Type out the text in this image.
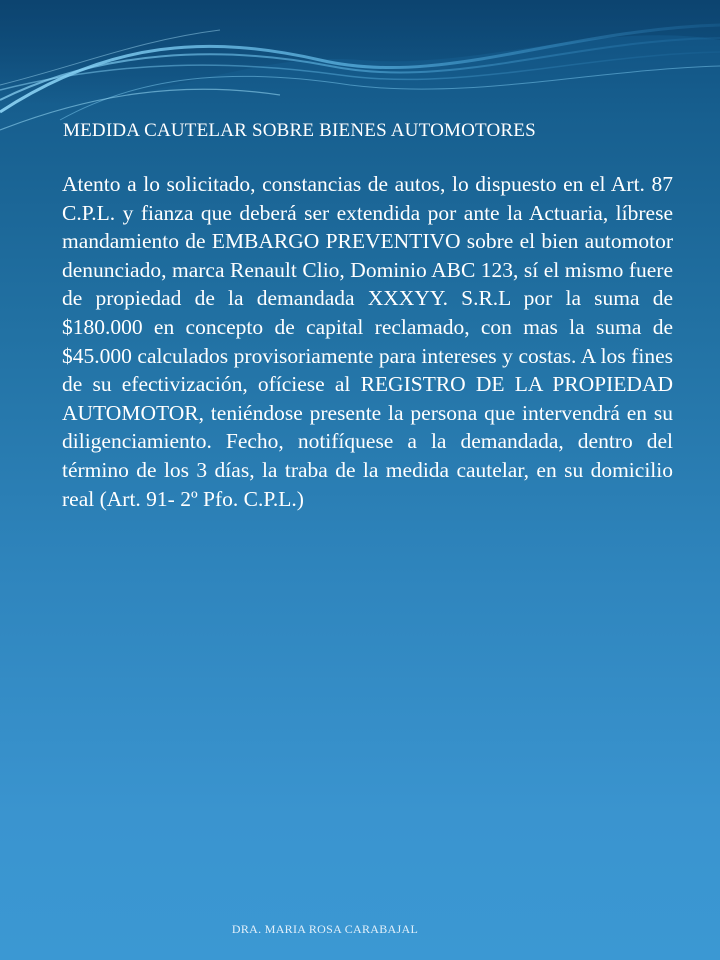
MEDIDA CAUTELAR SOBRE BIENES AUTOMOTORES
Atento a lo solicitado, constancias de autos, lo dispuesto en el Art. 87 C.P.L. y fianza que deberá ser extendida por ante la Actuaria, líbrese mandamiento de EMBARGO PREVENTIVO sobre el bien automotor denunciado, marca Renault Clio, Dominio ABC 123, sí el mismo fuere de propiedad de la demandada XXXYY. S.R.L por la suma de $180.000 en concepto de capital reclamado, con mas la suma de $45.000 calculados provisoriamente para intereses y costas. A los fines de su efectivización, ofíciese al REGISTRO DE LA PROPIEDAD AUTOMOTOR, teniéndose presente la persona que intervendrá en su diligenciamiento. Fecho, notifíquese a la demandada, dentro del término de los 3 días, la traba de la medida cautelar, en su domicilio real (Art. 91- 2º Pfo. C.P.L.)
DRA. MARIA ROSA CARABAJAL
